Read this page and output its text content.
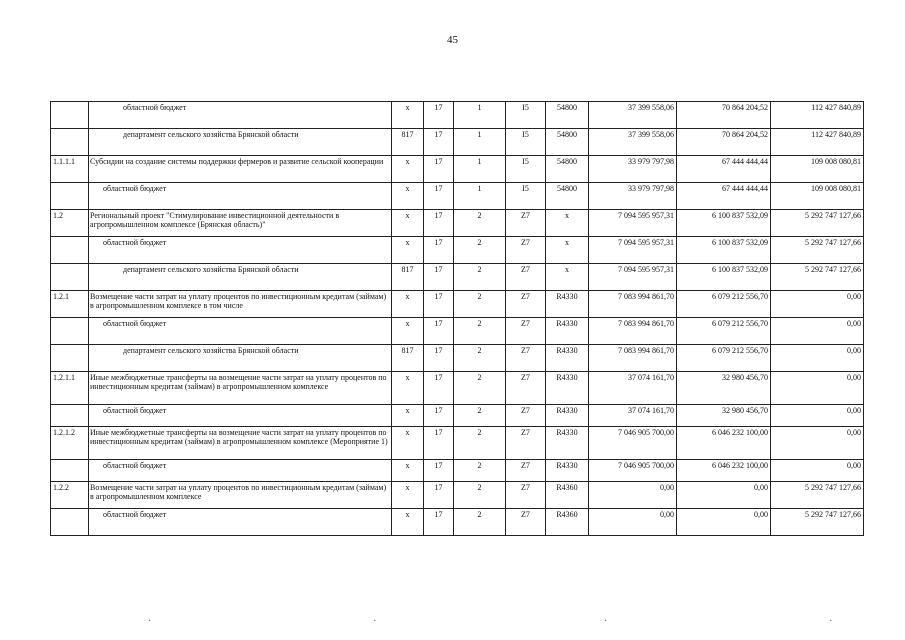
45
	областной бюджет	x	17	1	I5	54800	37 399 558,06	70 864 204,52	112 427 840,89
	департамент сельского хозяйства Брянской области	817	17	1	I5	54800	37 399 558,06	70 864 204,52	112 427 840,89
1.1.1.1	Субсидии на создание системы поддержки фермеров и развитие сельской кооперации	x	17	1	I5	54800	33 979 797,98	67 444 444,44	109 008 080,81
	областной бюджет	x	17	1	I5	54800	33 979 797,98	67 444 444,44	109 008 080,81
1.2	Региональный проект "Стимулирование инвестиционной деятельности в агропромышленном комплексе (Брянская область)"	x	17	2	Z7	x	7 094 595 957,31	6 100 837 532,09	5 292 747 127,66
	областной бюджет	x	17	2	Z7	x	7 094 595 957,31	6 100 837 532,09	5 292 747 127,66
	департамент сельского хозяйства Брянской области	817	17	2	Z7	x	7 094 595 957,31	6 100 837 532,09	5 292 747 127,66
1.2.1	Возмещение части затрат на уплату процентов по инвестиционным кредитам (займам) в агропромышленном комплексе в том числе	x	17	2	Z7	R4330	7 083 994 861,70	6 079 212 556,70	0,00
	областной бюджет	x	17	2	Z7	R4330	7 083 994 861,70	6 079 212 556,70	0,00
	департамент сельского хозяйства Брянской области	817	17	2	Z7	R4330	7 083 994 861,70	6 079 212 556,70	0,00
1.2.1.1	Иные межбюджетные трансферты на возмещение части затрат на уплату процентов по инвестиционным кредитам (займам) в агропромышленном комплексе	x	17	2	Z7	R4330	37 074 161,70	32 980 456,70	0,00
	областной бюджет	x	17	2	Z7	R4330	37 074 161,70	32 980 456,70	0,00
1.2.1.2	Иные межбюджетные трансферты на возмещение части затрат на уплату процентов по инвестиционным кредитам (займам) в агропромышленном комплексе (Мероприятие 1)	x	17	2	Z7	R4330	7 046 905 700,00	6 046 232 100,00	0,00
	областной бюджет	x	17	2	Z7	R4330	7 046 905 700,00	6 046 232 100,00	0,00
1.2.2	Возмещение части затрат на уплату процентов по инвестиционным кредитам (займам) в агропромышленном комплексе	x	17	2	Z7	R4360	0,00	0,00	5 292 747 127,66
	областной бюджет	x	17	2	Z7	R4360	0,00	0,00	5 292 747 127,66
·	·	·	·
